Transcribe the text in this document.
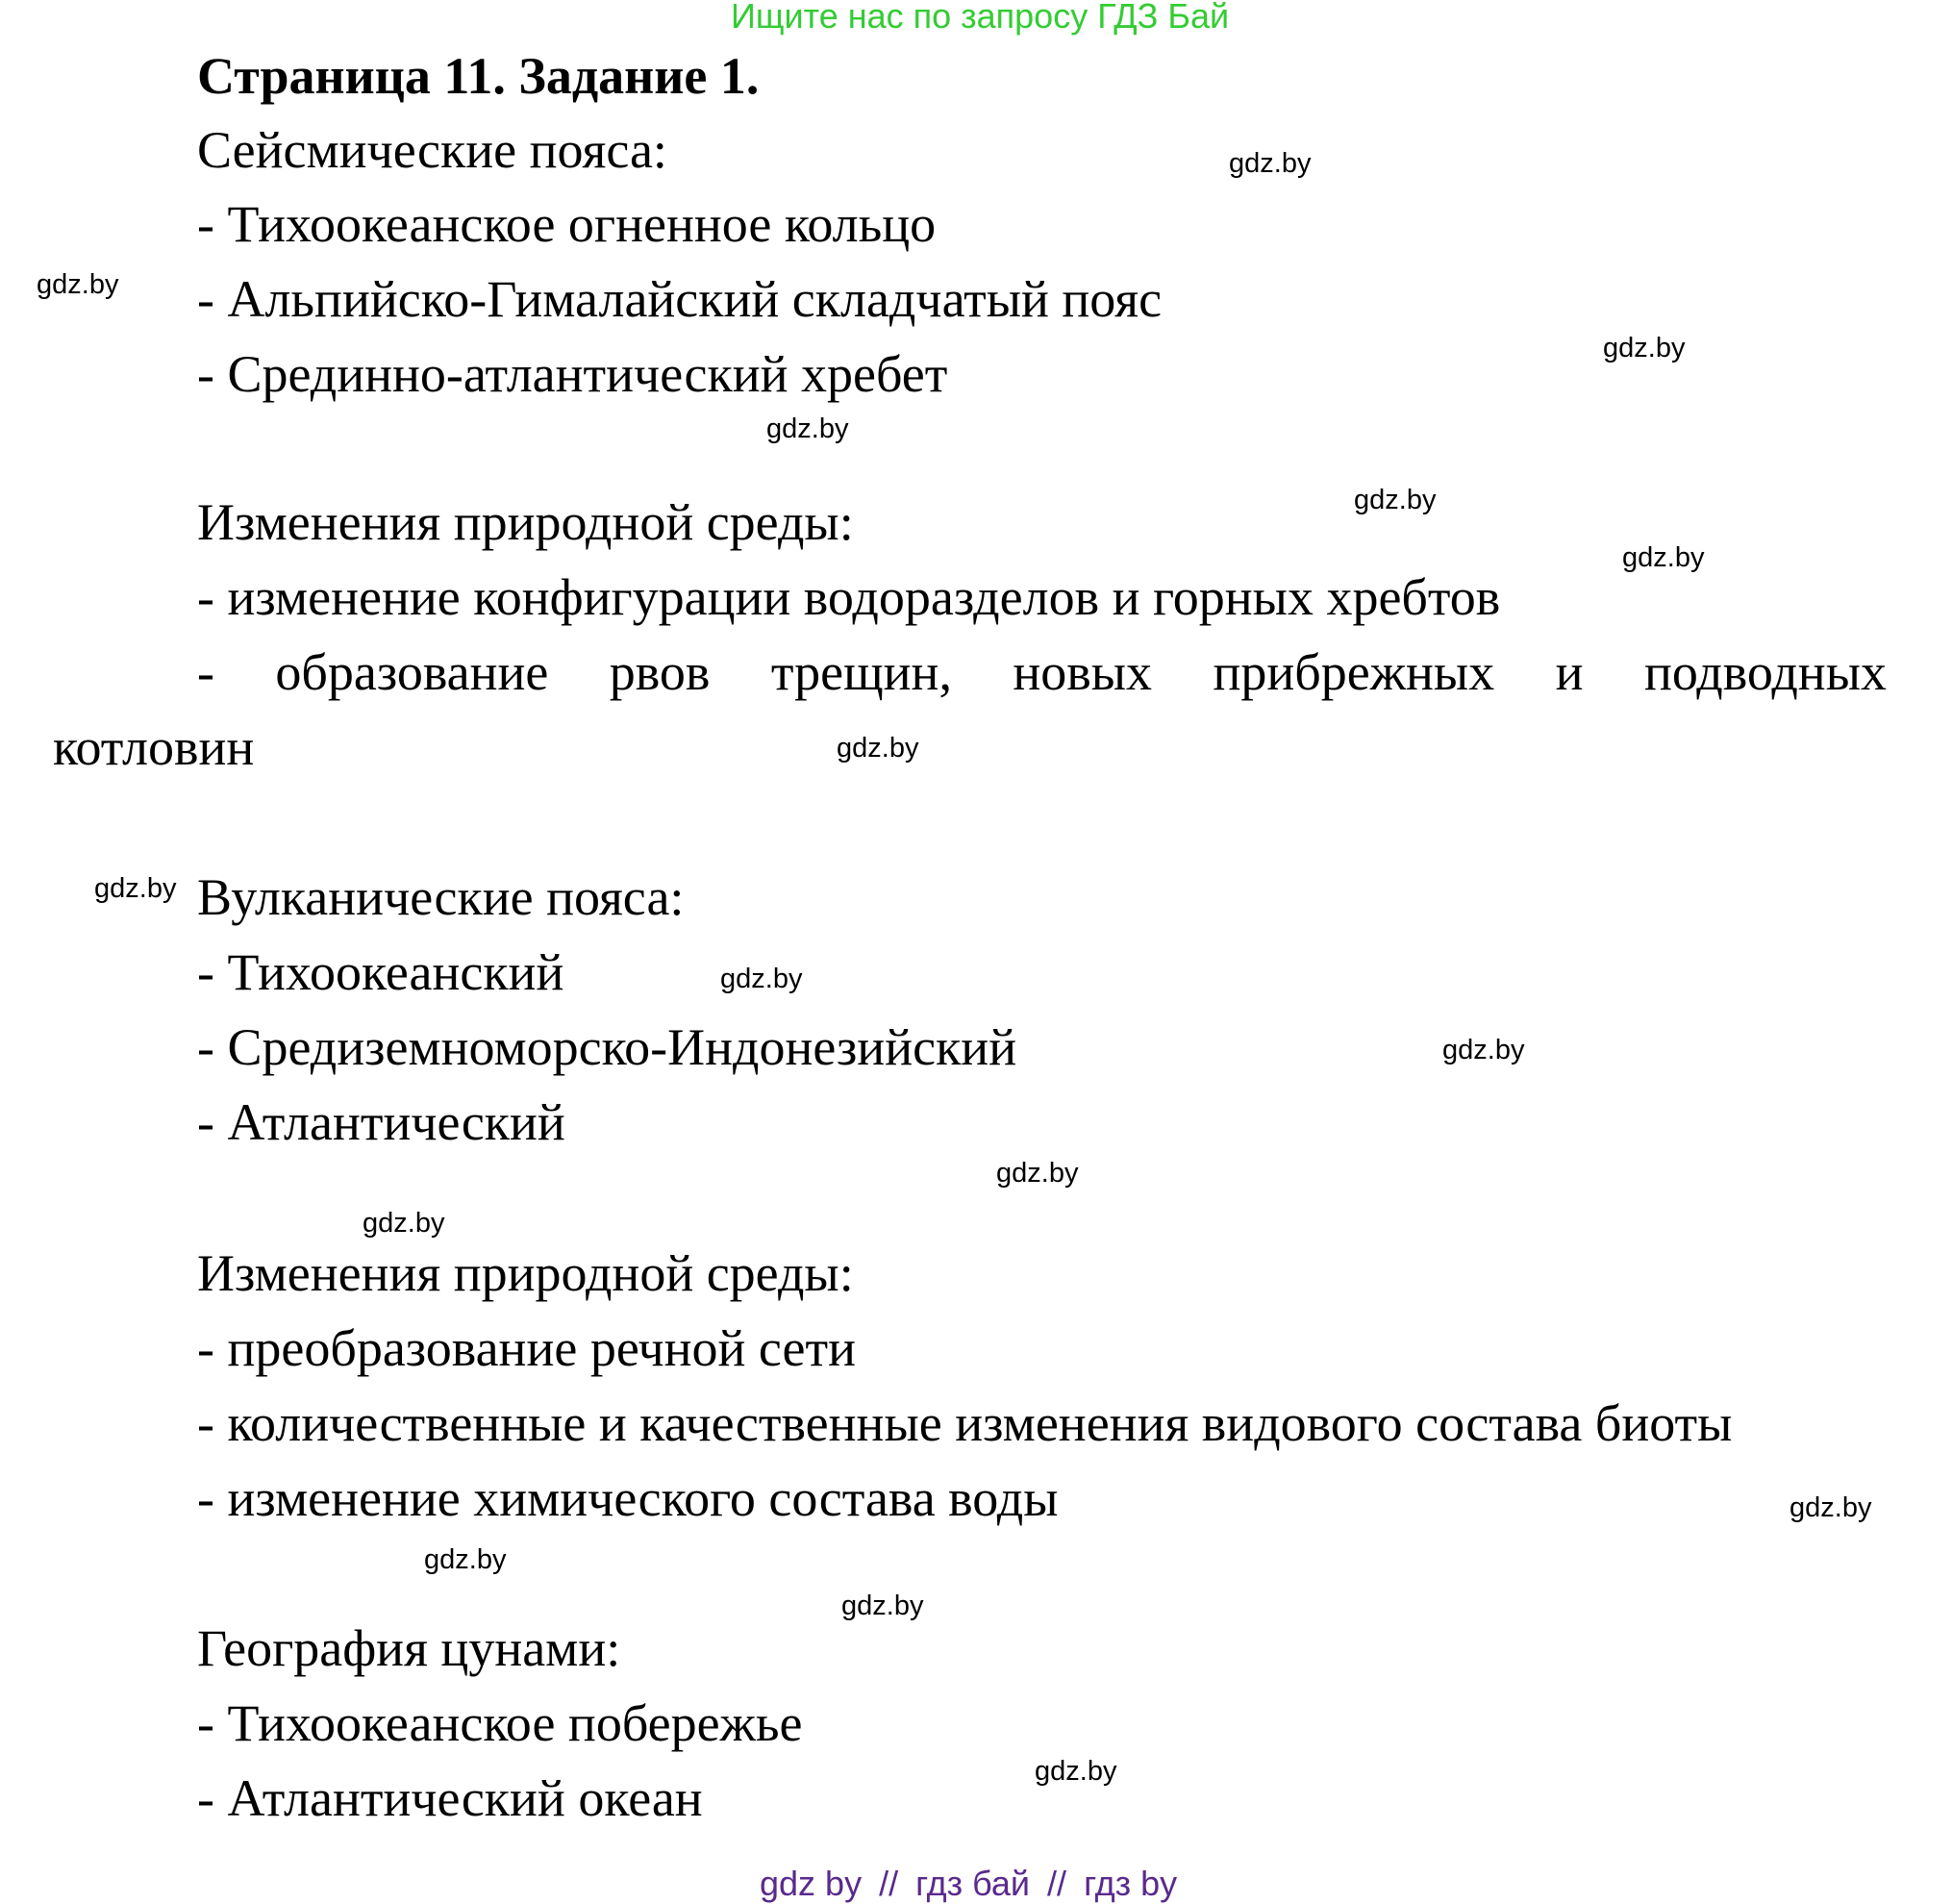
Ищите нас по запросу ГДЗ Бай
Страница 11. Задание 1.
Сейсмические пояса:
- Тихоокеанское огненное кольцо
- Альпийско-Гималайский складчатый пояс
- Срединно-атлантический хребет
Изменения природной среды:
- изменение конфигурации водоразделов и горных хребтов
- образование рвов трещин, новых прибрежных и подводных
котловин
Вулканические пояса:
- Тихоокеанский
- Средиземноморско-Индонезийский
- Атлантический
Изменения природной среды:
- преобразование речной сети
- количественные и качественные изменения видового состава биоты
- изменение химического состава воды
География цунами:
- Тихоокеанское побережье
- Атлантический океан
gdz.by
gdz.by
gdz.by
gdz.by
gdz.by
gdz.by
gdz.by
gdz.by
gdz.by
gdz.by
gdz.by
gdz.by
gdz.by
gdz.by
gdz.by
gdz.by
gdz by // гдз бай // гдз by
